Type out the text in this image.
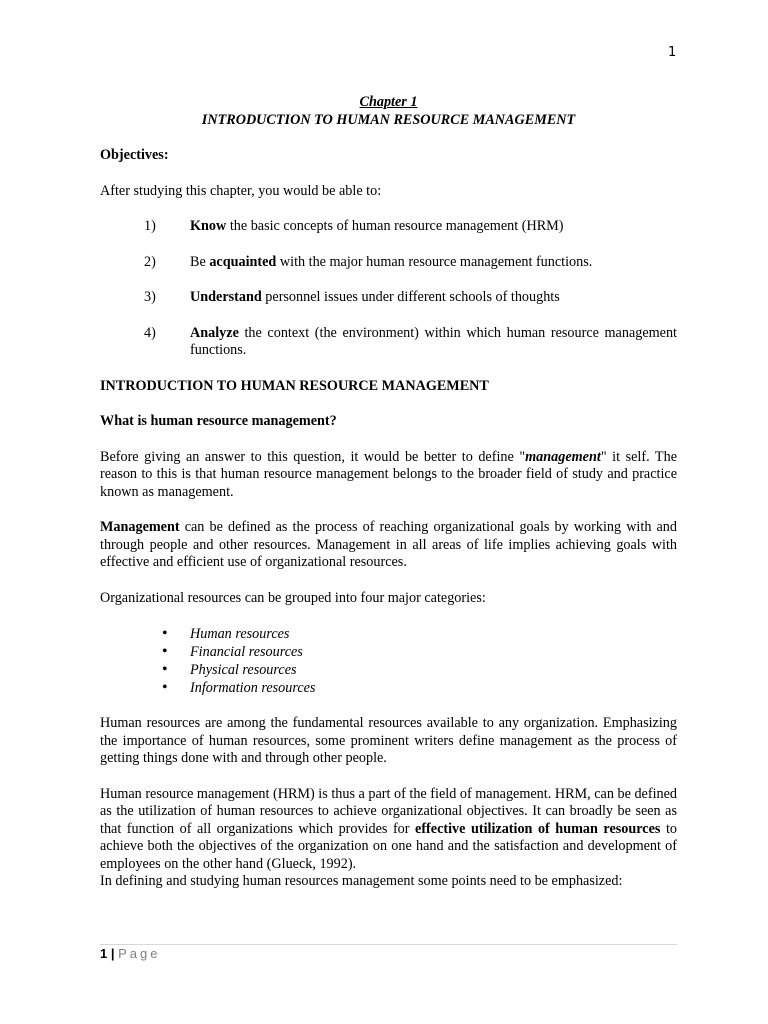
1

Chapter 1

INTRODUCTION TO HUMAN RESOURCE MANAGEMENT

Objectives:

After studying this chapter, you would be able to:

1)	Know the basic concepts of human resource management (HRM)
2)	Be acquainted with the major human resource management functions.
3)	Understand personnel issues under different schools of thoughts
4)	Analyze the context (the environment) within which human resource management functions.

INTRODUCTION TO HUMAN RESOURCE MANAGEMENT

What is human resource management?

Before giving an answer to this question, it would be better to define "management" it self. The reason to this is that human resource management belongs to the broader field of study and practice known as management.

Management can be defined as the process of reaching organizational goals by working with and through people and other resources. Management in all areas of life implies achieving goals with effective and efficient use of organizational resources.

Organizational resources can be grouped into four major categories:

•	Human resources
•	Financial resources
•	Physical resources
•	Information resources

Human resources are among the fundamental resources available to any organization. Emphasizing the importance of human resources, some prominent writers define management as the process of getting things done with and through other people.

Human resource management (HRM) is thus a part of the field of management. HRM, can be defined as the utilization of human resources to achieve organizational objectives. It can broadly be seen as that function of all organizations which provides for effective utilization of human resources to achieve both the objectives of the organization on one hand and the satisfaction and development of employees on the other hand (Glueck, 1992).

In defining and studying human resources management some points need to be emphasized:

1 | Page
